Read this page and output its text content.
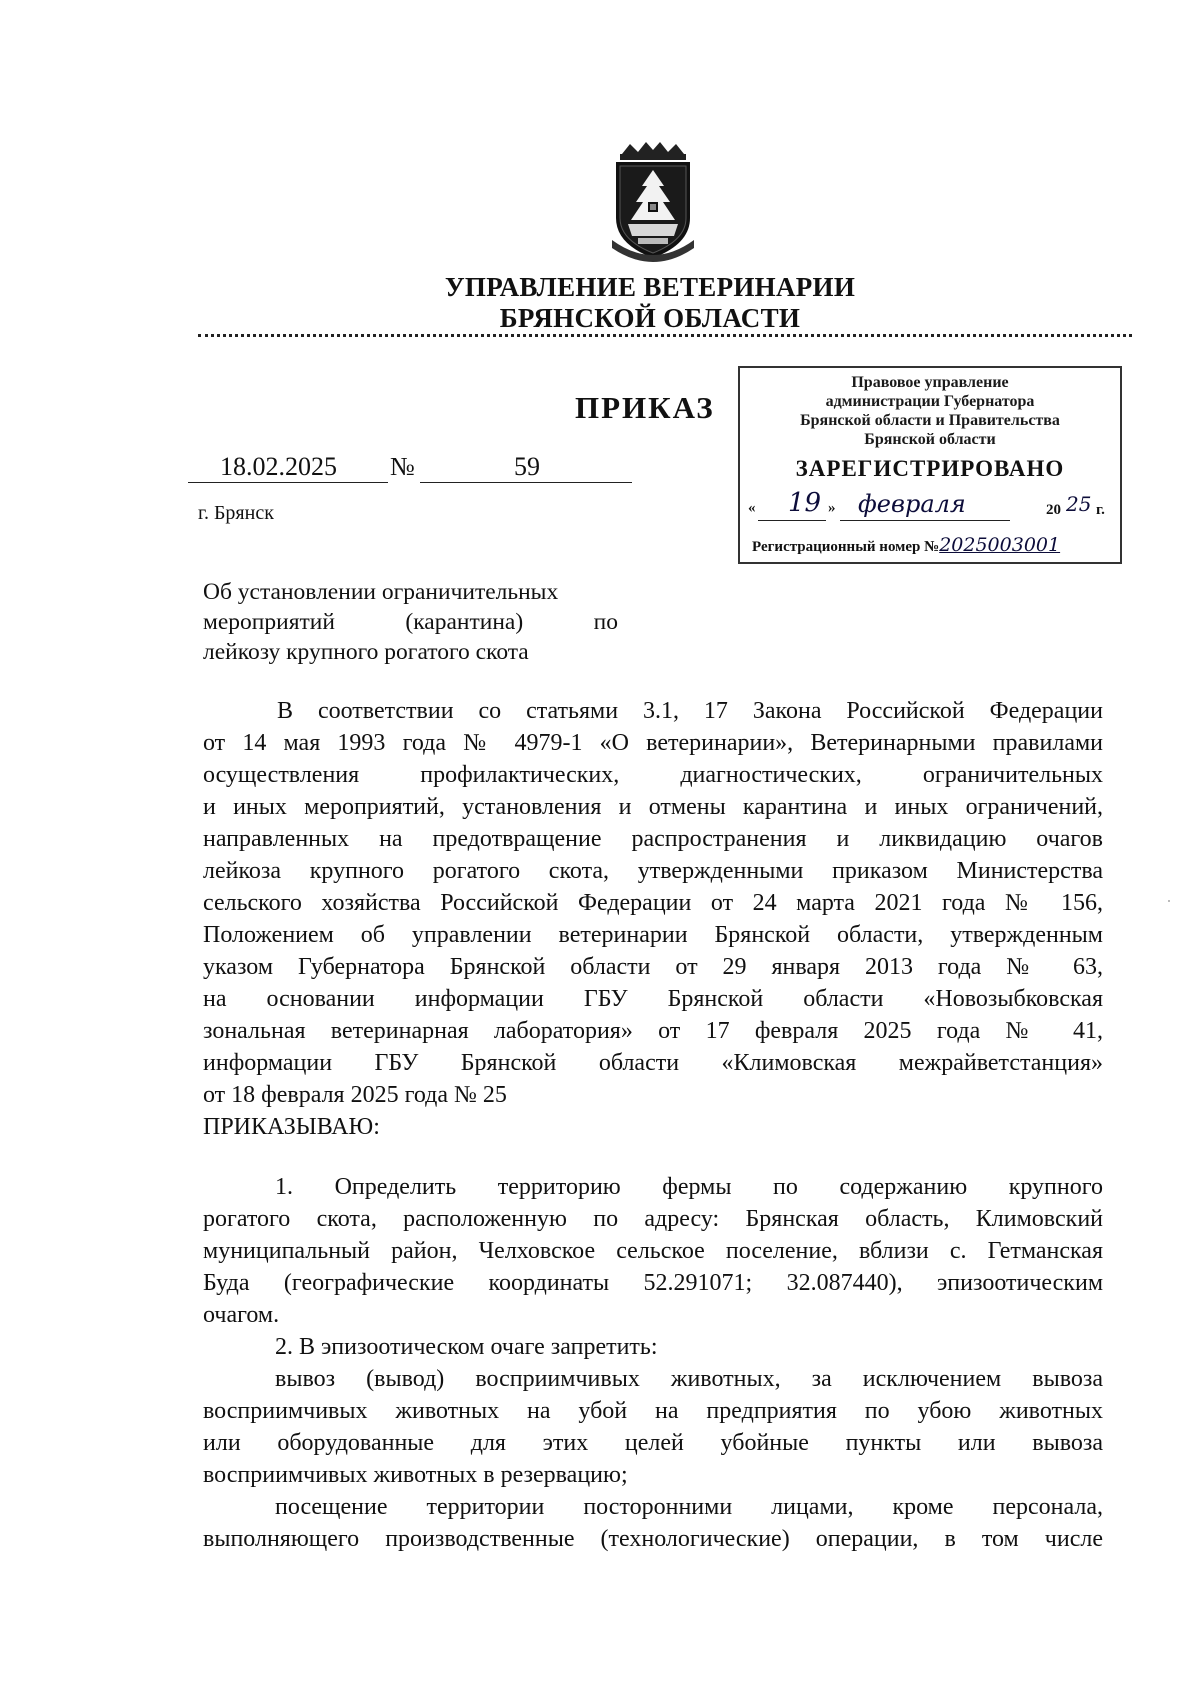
УПРАВЛЕНИЕ ВЕТЕРИНАРИИ
БРЯНСКОЙ ОБЛАСТИ
ПРИКАЗ
18.02.2025 №	59
г. Брянск
Правовое управление
администрации Губернатора
Брянской области и Правительства
Брянской области
ЗАРЕГИСТРИРОВАНО
« 19 » февраля	20 25 г.
Регистрационный номер №2025003001
Об установлении ограничительных
мероприятий	(карантина)	по
лейкозу крупного рогатого скота
В соответствии со статьями 3.1, 17 Закона Российской Федерации
от 14 мая 1993 года № 4979-1 «О ветеринарии», Ветеринарными правилами
осуществления профилактических, диагностических, ограничительных
и иных мероприятий, установления и отмены карантина и иных ограничений,
направленных на предотвращение распространения и ликвидацию очагов
лейкоза крупного рогатого скота, утвержденными приказом Министерства
сельского хозяйства Российской Федерации от 24 марта 2021 года № 156,
Положением об управлении ветеринарии Брянской области, утвержденным
указом Губернатора Брянской области от 29 января 2013 года № 63,
на основании информации ГБУ Брянской области «Новозыбковская
зональная ветеринарная лаборатория» от 17 февраля 2025 года № 41,
информации ГБУ Брянской области «Климовская межрайветстанция»
от 18 февраля 2025 года № 25
ПРИКАЗЫВАЮ:
1. Определить территорию фермы по содержанию крупного
рогатого скота, расположенную по адресу: Брянская область, Климовский
муниципальный район, Челховское сельское поселение, вблизи с. Гетманская
Буда (географические координаты 52.291071; 32.087440), эпизоотическим
очагом.
2. В эпизоотическом очаге запретить:
вывоз (вывод) восприимчивых животных, за исключением вывоза
восприимчивых животных на убой на предприятия по убою животных
или оборудованные для этих целей убойные пункты или вывоза
восприимчивых животных в резервацию;
посещение территории посторонними лицами, кроме персонала,
выполняющего производственные (технологические) операции, в том числе
